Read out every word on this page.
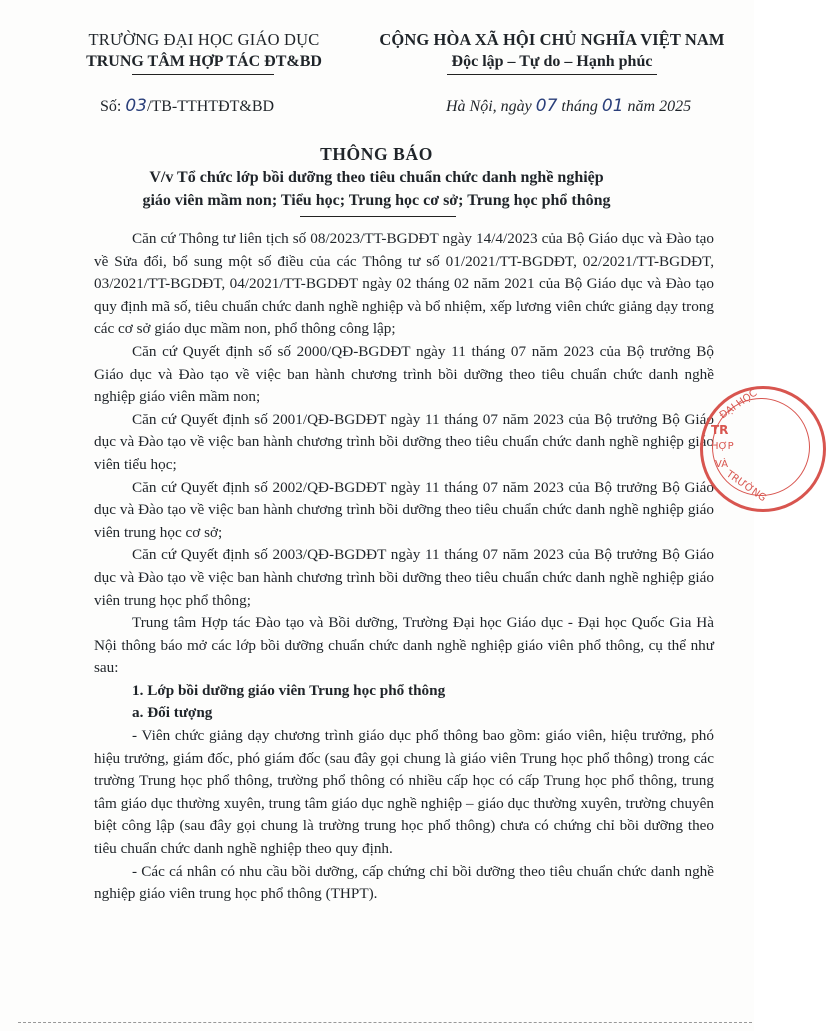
TRƯỜNG ĐẠI HỌC GIÁO DỤC
TRUNG TÂM HỢP TÁC ĐT&BD
CỘNG HÒA XÃ HỘI CHỦ NGHĨA VIỆT NAM
Độc lập – Tự do – Hạnh phúc
Số: 03/TB-TTHTĐT&BD	Hà Nội, ngày 07 tháng 01 năm 2025
THÔNG BÁO
V/v Tổ chức lớp bồi dưỡng theo tiêu chuẩn chức danh nghề nghiệp
giáo viên mầm non; Tiểu học; Trung học cơ sở; Trung học phổ thông

Căn cứ Thông tư liên tịch số 08/2023/TT-BGDĐT ngày 14/4/2023 của Bộ Giáo dục và Đào tạo về Sửa đổi, bổ sung một số điều của các Thông tư số 01/2021/TT-BGDĐT, 02/2021/TT-BGDĐT, 03/2021/TT-BGDĐT, 04/2021/TT-BGDĐT ngày 02 tháng 02 năm 2021 của Bộ Giáo dục và Đào tạo quy định mã số, tiêu chuẩn chức danh nghề nghiệp và bổ nhiệm, xếp lương viên chức giảng dạy trong các cơ sở giáo dục mầm non, phổ thông công lập;

Căn cứ Quyết định số số 2000/QĐ-BGDĐT ngày 11 tháng 07 năm 2023 của Bộ trưởng Bộ Giáo dục và Đào tạo về việc ban hành chương trình bồi dưỡng theo tiêu chuẩn chức danh nghề nghiệp giáo viên mầm non;

Căn cứ Quyết định số 2001/QĐ-BGDĐT ngày 11 tháng 07 năm 2023 của Bộ trưởng Bộ Giáo dục và Đào tạo về việc ban hành chương trình bồi dưỡng theo tiêu chuẩn chức danh nghề nghiệp giáo viên tiểu học;

Căn cứ Quyết định số 2002/QĐ-BGDĐT ngày 11 tháng 07 năm 2023 của Bộ trưởng Bộ Giáo dục và Đào tạo về việc ban hành chương trình bồi dưỡng theo tiêu chuẩn chức danh nghề nghiệp giáo viên trung học cơ sở;

Căn cứ Quyết định số 2003/QĐ-BGDĐT ngày 11 tháng 07 năm 2023 của Bộ trưởng Bộ Giáo dục và Đào tạo về việc ban hành chương trình bồi dưỡng theo tiêu chuẩn chức danh nghề nghiệp giáo viên trung học phổ thông;

Trung tâm Hợp tác Đào tạo và Bồi dưỡng, Trường Đại học Giáo dục - Đại học Quốc Gia Hà Nội thông báo mở các lớp bồi dưỡng chuẩn chức danh nghề nghiệp giáo viên phổ thông, cụ thể như sau:

1. Lớp bồi dưỡng giáo viên Trung học phổ thông

a. Đối tượng

- Viên chức giảng dạy chương trình giáo dục phổ thông bao gồm: giáo viên, hiệu trưởng, phó hiệu trưởng, giám đốc, phó giám đốc (sau đây gọi chung là giáo viên Trung học phổ thông) trong các trường Trung học phổ thông, trường phổ thông có nhiều cấp học có cấp Trung học phổ thông, trung tâm giáo dục thường xuyên, trung tâm giáo dục nghề nghiệp – giáo dục thường xuyên, trường chuyên biệt công lập (sau đây gọi chung là trường trung học phổ thông) chưa có chứng chỉ bồi dưỡng theo tiêu chuẩn chức danh nghề nghiệp theo quy định.

- Các cá nhân có nhu cầu bồi dưỡng, cấp chứng chỉ bồi dưỡng theo tiêu chuẩn chức danh nghề nghiệp giáo viên trung học phổ thông (THPT).

ĐẠI HỌC
TR
HỢP
VÀ
TRƯỜNG
